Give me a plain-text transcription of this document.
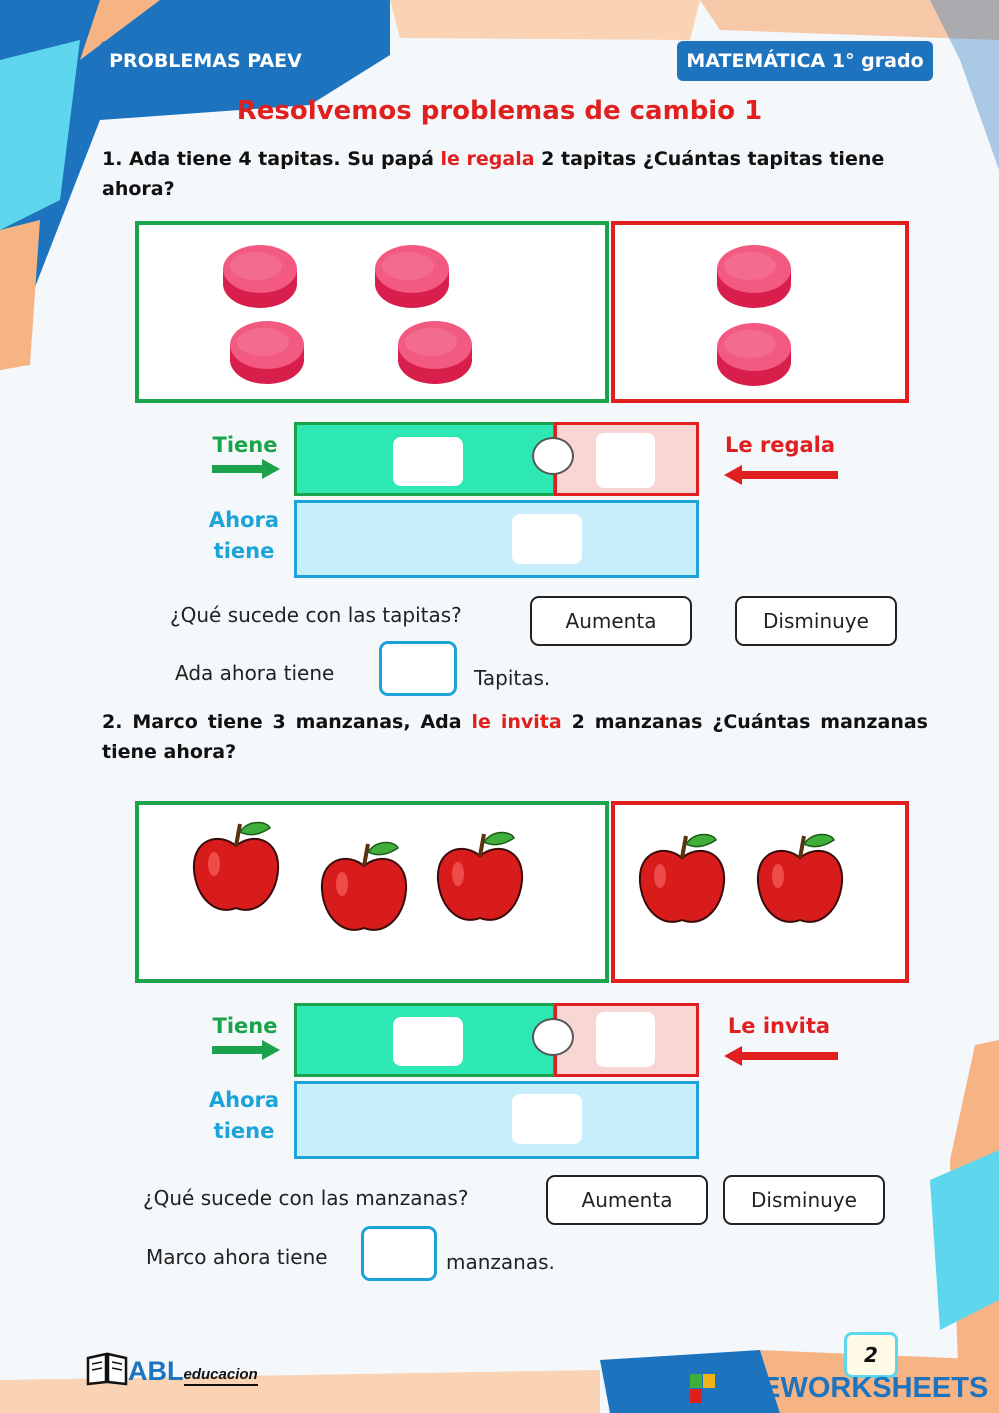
PROBLEMAS PAEV	MATEMÁTICA 1° grado
Resolvemos problemas de cambio 1
1. Ada tiene 4 tapitas. Su papá le regala 2 tapitas ¿Cuántas tapitas tiene ahora?
Tiene	Le regala
Ahora
tiene
¿Qué sucede con las tapitas?	Aumenta	Disminuye
Ada ahora tiene	Tapitas.
2. Marco tiene 3 manzanas, Ada le invita 2 manzanas ¿Cuántas manzanas tiene ahora?
Tiene	Le invita
Ahora
tiene
¿Qué sucede con las manzanas?	Aumenta	Disminuye
Marco ahora tiene	manzanas.
ABL educacion
2
LIVEWORKSHEETS
